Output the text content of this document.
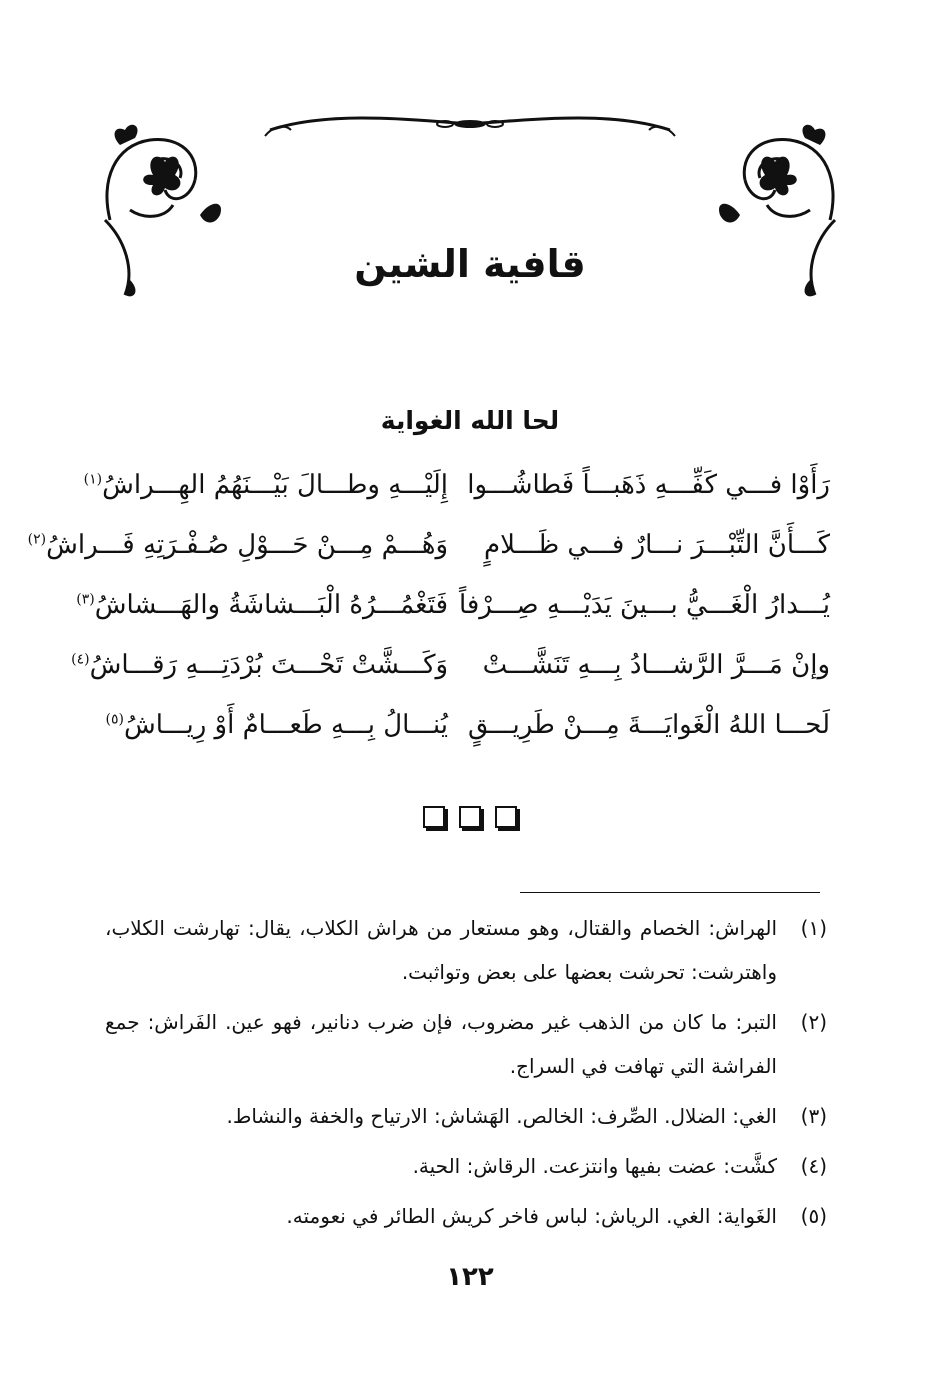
قافية الشين
لحا الله الغواية
رَأَوْا فـــي كَفِّـــهِ ذَهَبـــاً فَطاشُـــوا
إِلَيْـــهِ وطـــالَ بَيْـــنَهُمُ الهِـــراشُ$^{(١)}$
كَـــأَنَّ التِّبْـــرَ نـــارٌ فـــي ظَـــلامٍ
وَهُـــمْ مِـــنْ حَـــوْلِ صُـفْـرَتِهِ فَـــراشُ$^{(٢)}$
يُـــدارُ الْغَـــيُّ بـــينَ يَدَيْـــهِ صِـــرْفاً
فَتَغْمُـــرُهُ الْبَـــشاشَةُ والهَـــشاشُ$^{(٣)}$
وإنْ مَـــرَّ الرَّشـــادُ بِـــهِ تَنَشَّـــتْ
وَكَـــشَّتْ تَحْـــتَ بُرْدَتِـــهِ رَقـــاشُ$^{(٤)}$
لَحـــا اللهُ الْغَوايَـــةَ مِـــنْ طَرِيـــقٍ
يُنـــالُ بِـــهِ طَعـــامٌ أَوْ رِيـــاشُ$^{(٥)}$
(١)
الهراش: الخصام والقتال، وهو مستعار من هراش الكلاب، يقال: تهارشت الكلاب، واهترشت: تحرشت بعضها على بعض وتواثبت.
(٢)
التبر: ما كان من الذهب غير مضروب، فإن ضرب دنانير، فهو عين. الفَراش: جمع الفراشة التي تهافت في السراج.
(٣)
الغي: الضلال. الصِّرف: الخالص. الهَشاش: الارتياح والخفة والنشاط.
(٤)
كشَّت: عضت بفيها وانتزعت. الرقاش: الحية.
(٥)
الغَواية: الغي. الرياش: لباس فاخر كريش الطائر في نعومته.
١٢٢
